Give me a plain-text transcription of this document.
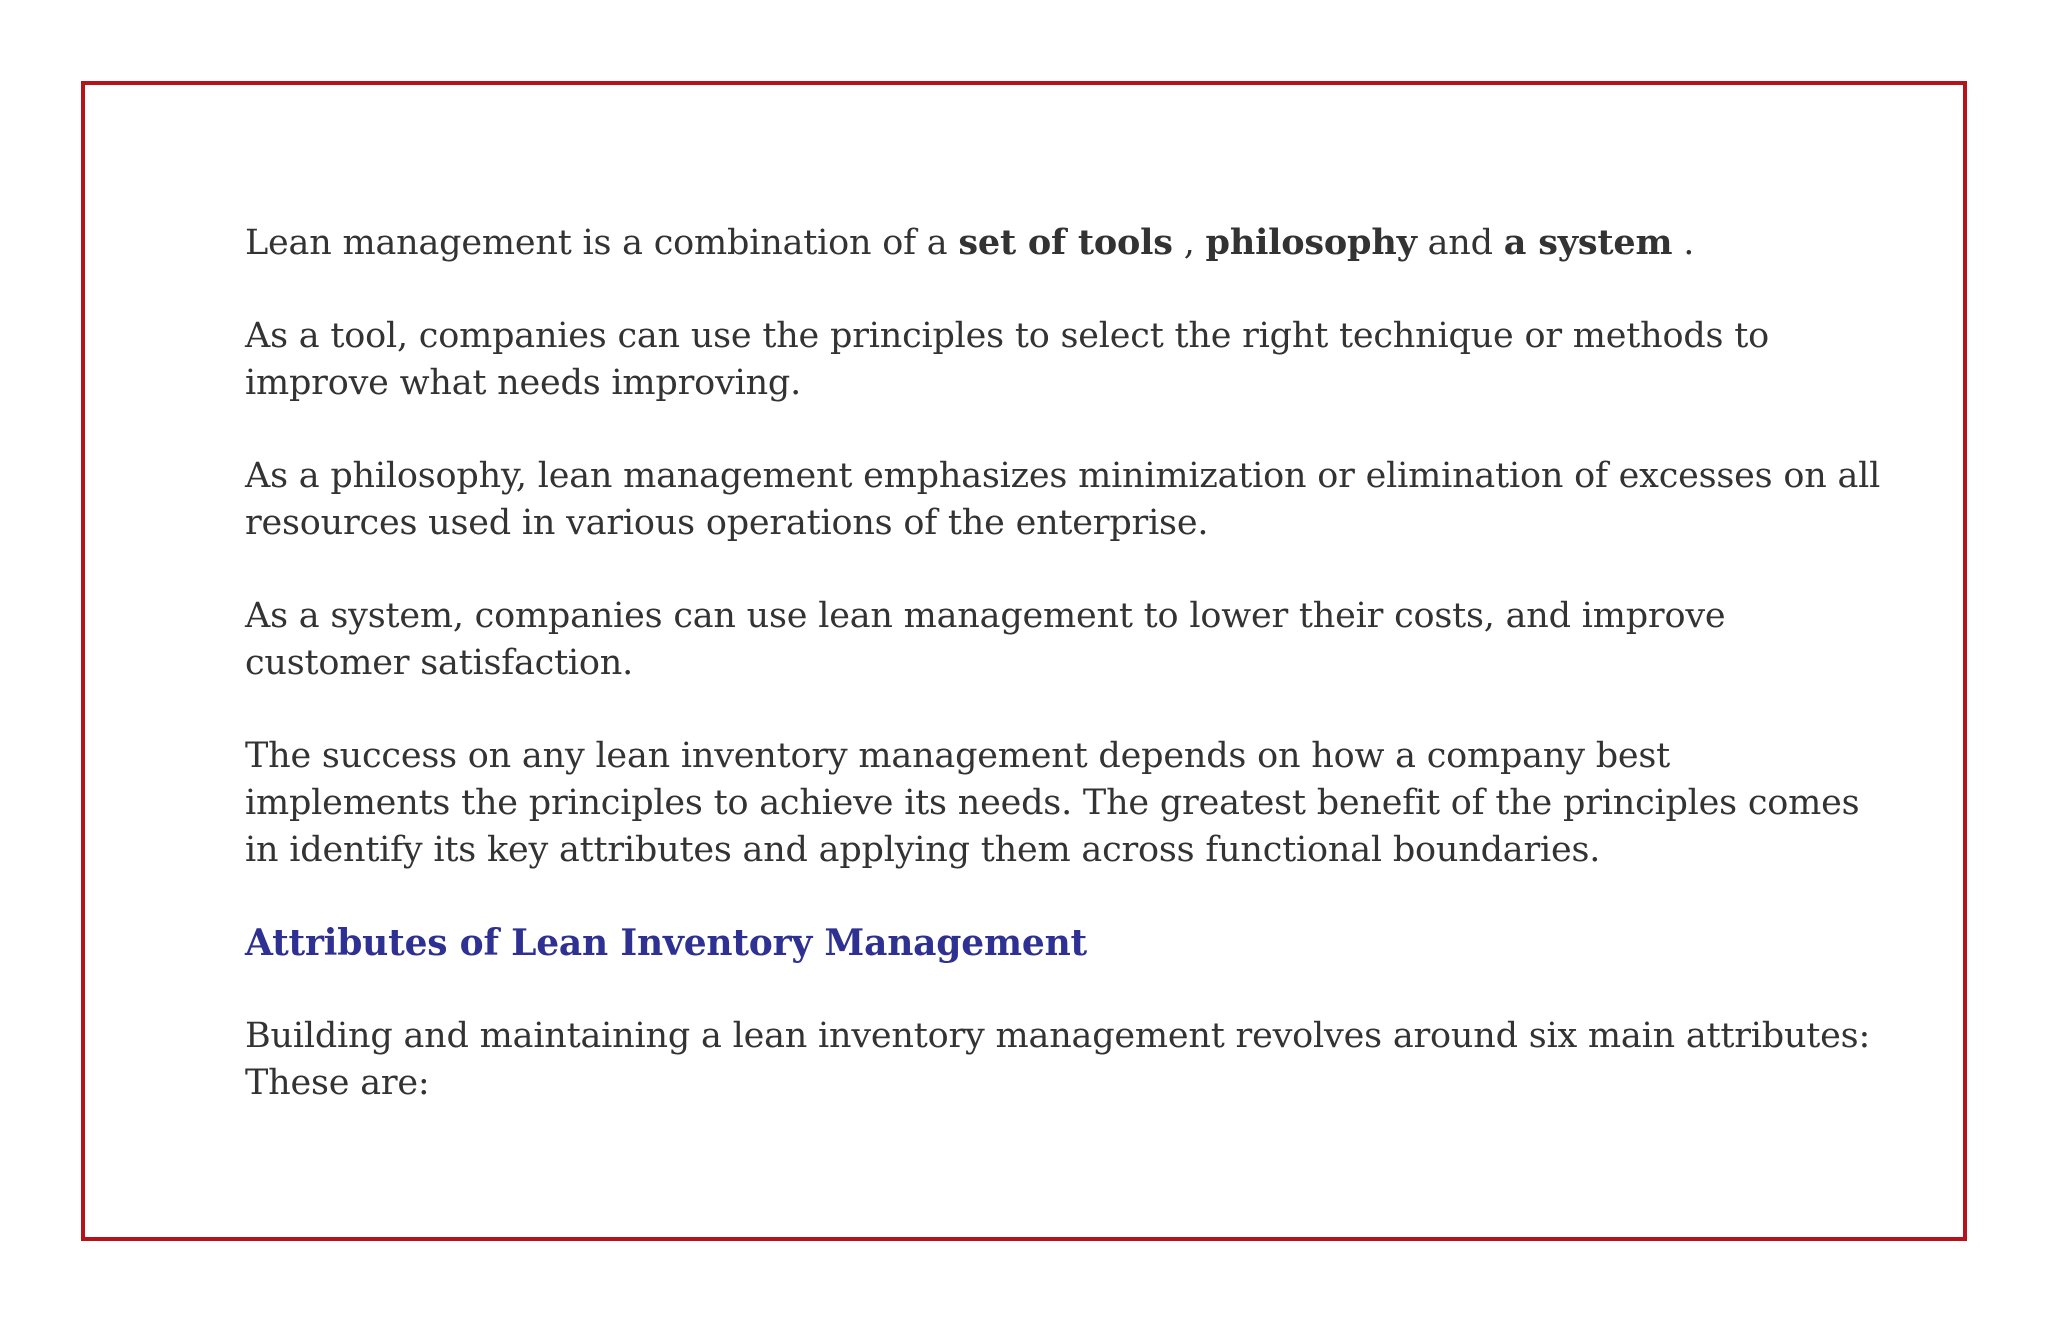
Lean management is a combination of a set of tools , philosophy and a system .

As a tool, companies can use the principles to select the right technique or methods to improve what needs improving.

As a philosophy, lean management emphasizes minimization or elimination of excesses on all resources used in various operations of the enterprise.

As a system, companies can use lean management to lower their costs, and improve customer satisfaction.

The success on any lean inventory management depends on how a company best implements the principles to achieve its needs. The greatest benefit of the principles comes in identify its key attributes and applying them across functional boundaries.

Attributes of Lean Inventory Management

Building and maintaining a lean inventory management revolves around six main attributes: These are:
